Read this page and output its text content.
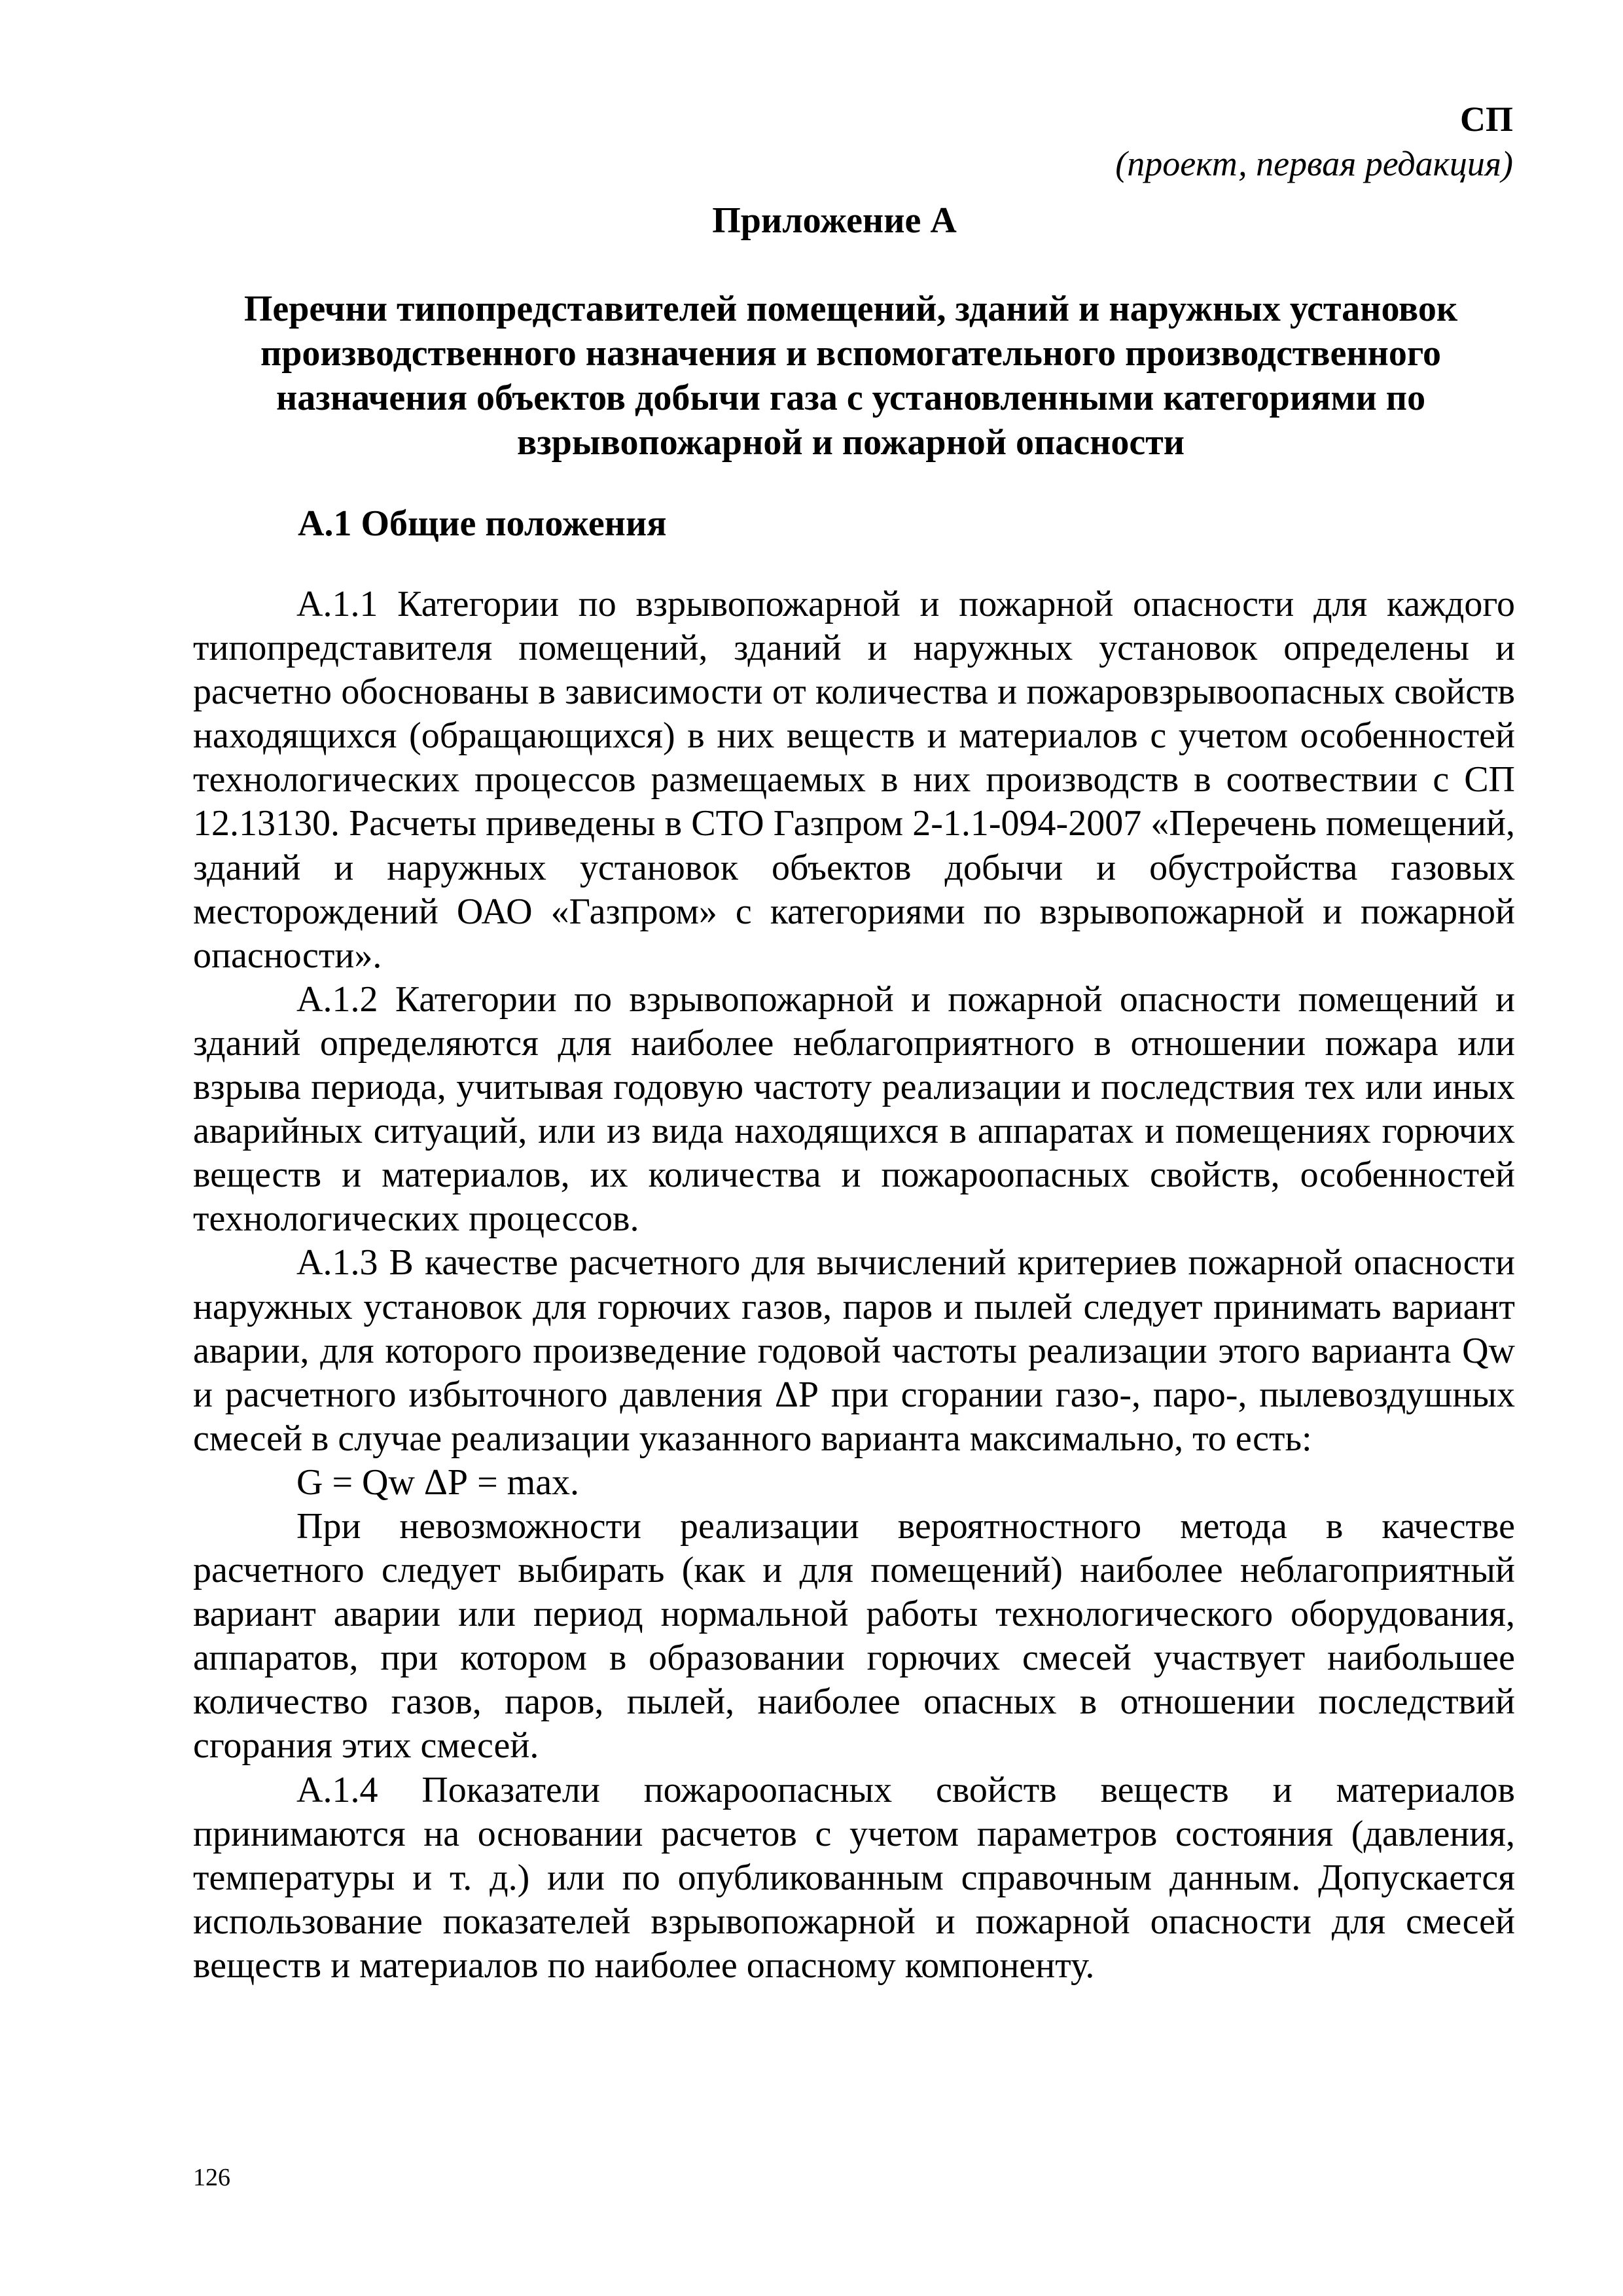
СП
(проект, первая редакция)
Приложение А
Перечни типопредставителей помещений, зданий и наружных установок производственного назначения и вспомогательного производственного назначения объектов добычи газа с установленными категориями по взрывопожарной и пожарной опасности
А.1 Общие положения

А.1.1 Категории по взрывопожарной и пожарной опасности для каждого типопредставителя помещений, зданий и наружных установок определены и расчетно обоснованы в зависимости от количества и пожаровзрывоопасных свойств находящихся (обращающихся) в них веществ и материалов с учетом особенностей технологических процессов размещаемых в них производств в соотвествии с СП 12.13130. Расчеты приведены в СТО Газпром 2-1.1-094-2007 «Перечень помещений, зданий и наружных установок объектов добычи и обустройства газовых месторождений ОАО «Газпром» с категориями по взрывопожарной и пожарной опасности».

А.1.2 Категории по взрывопожарной и пожарной опасности помещений и зданий определяются для наиболее неблагоприятного в отношении пожара или взрыва периода, учитывая годовую частоту реализации и последствия тех или иных аварийных ситуаций, или из вида находящихся в аппаратах и помещениях горючих веществ и материалов, их количества и пожароопасных свойств, особенностей технологических процессов.

А.1.3 В качестве расчетного для вычислений критериев пожарной опасности наружных установок для горючих газов, паров и пылей следует принимать вариант аварии, для которого произведение годовой частоты реализации этого варианта Qw и расчетного избыточного давления ΔР при сгорании газо-, паро-, пылевоздушных смесей в случае реализации указанного варианта максимально, то есть:

G = Qw ΔР = max.

При невозможности реализации вероятностного метода в качестве расчетного следует выбирать (как и для помещений) наиболее неблагоприятный вариант аварии или период нормальной работы технологического оборудования, аппаратов, при котором в образовании горючих смесей участвует наибольшее количество газов, паров, пылей, наиболее опасных в отношении последствий сгорания этих смесей.

А.1.4 Показатели пожароопасных свойств веществ и материалов принимаются на основании расчетов с учетом параметров состояния (давления, температуры и т. д.) или по опубликованным справочным данным. Допускается использование показателей взрывопожарной и пожарной опасности для смесей веществ и материалов по наиболее опасному компоненту.

126
